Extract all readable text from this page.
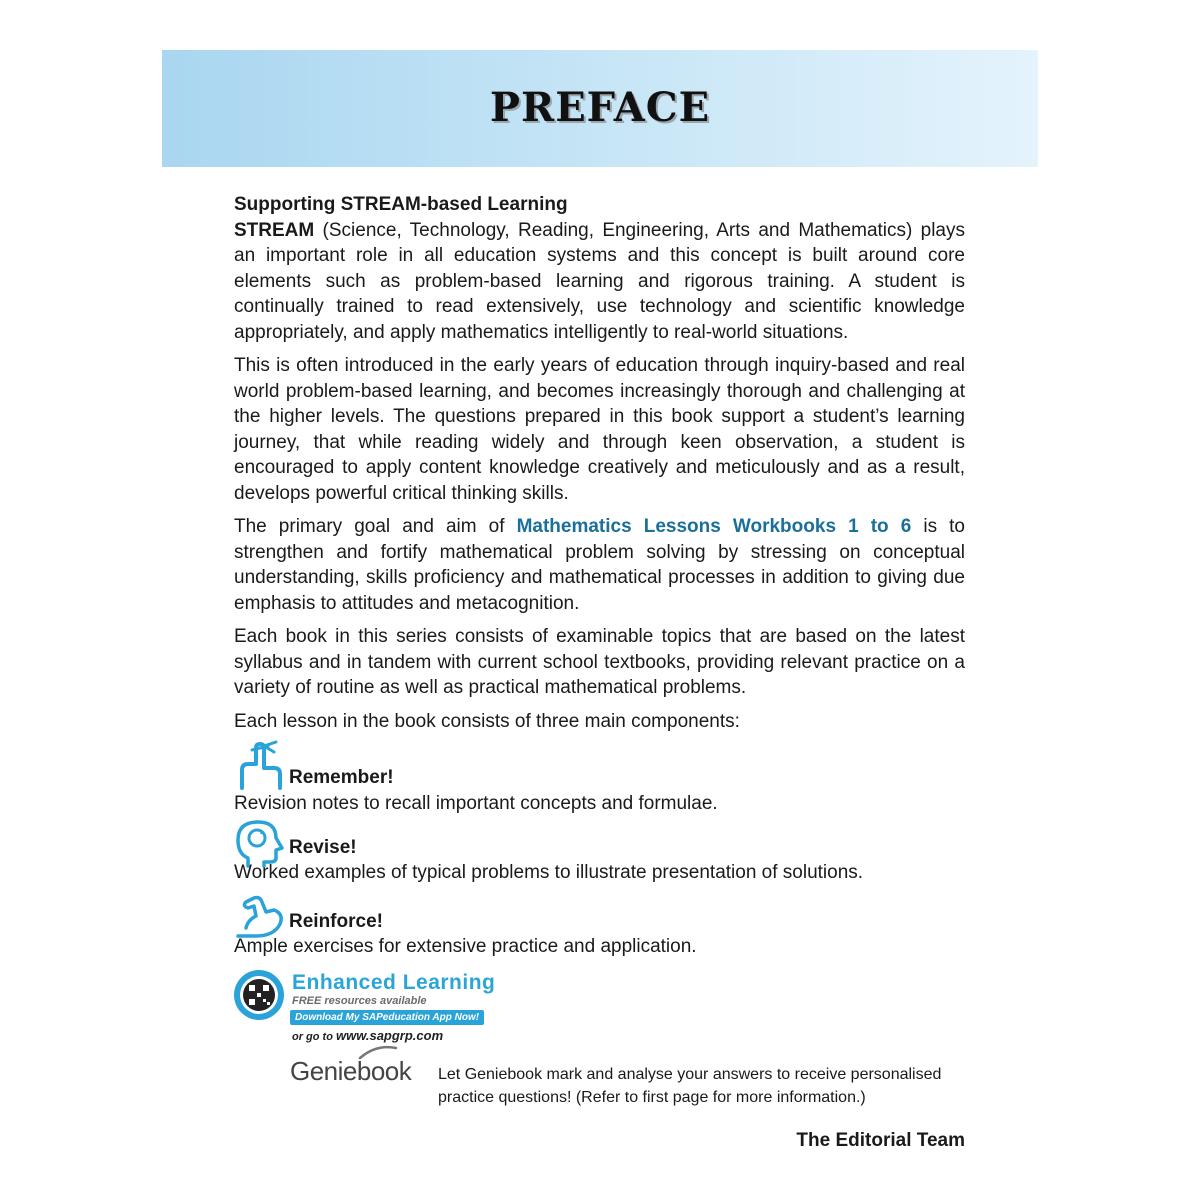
PREFACE

Supporting STREAM-based Learning

STREAM (Science, Technology, Reading, Engineering, Arts and Mathematics) plays an important role in all education systems and this concept is built around core elements such as problem-based learning and rigorous training. A student is continually trained to read extensively, use technology and scientific knowledge appropriately, and apply mathematics intelligently to real-world situations.

This is often introduced in the early years of education through inquiry-based and real world problem-based learning, and becomes increasingly thorough and challenging at the higher levels. The questions prepared in this book support a student’s learning journey, that while reading widely and through keen observation, a student is encouraged to apply content knowledge creatively and meticulously and as a result, develops powerful critical thinking skills.

The primary goal and aim of Mathematics Lessons Workbooks 1 to 6 is to strengthen and fortify mathematical problem solving by stressing on conceptual understanding, skills proficiency and mathematical processes in addition to giving due emphasis to attitudes and metacognition.

Each book in this series consists of examinable topics that are based on the latest syllabus and in tandem with current school textbooks, providing relevant practice on a variety of routine as well as practical mathematical problems.

Each lesson in the book consists of three main components:

Remember!
Revision notes to recall important concepts and formulae.
Revise!
Worked examples of typical problems to illustrate presentation of solutions.
Reinforce!
Ample exercises for extensive practice and application.
Enhanced Learning
FREE resources available
Download My SAPeducation App Now!
or go to www.sapgrp.com
Geniebook Let Geniebook mark and analyse your answers to receive personalised practice questions! (Refer to first page for more information.)
The Editorial Team
